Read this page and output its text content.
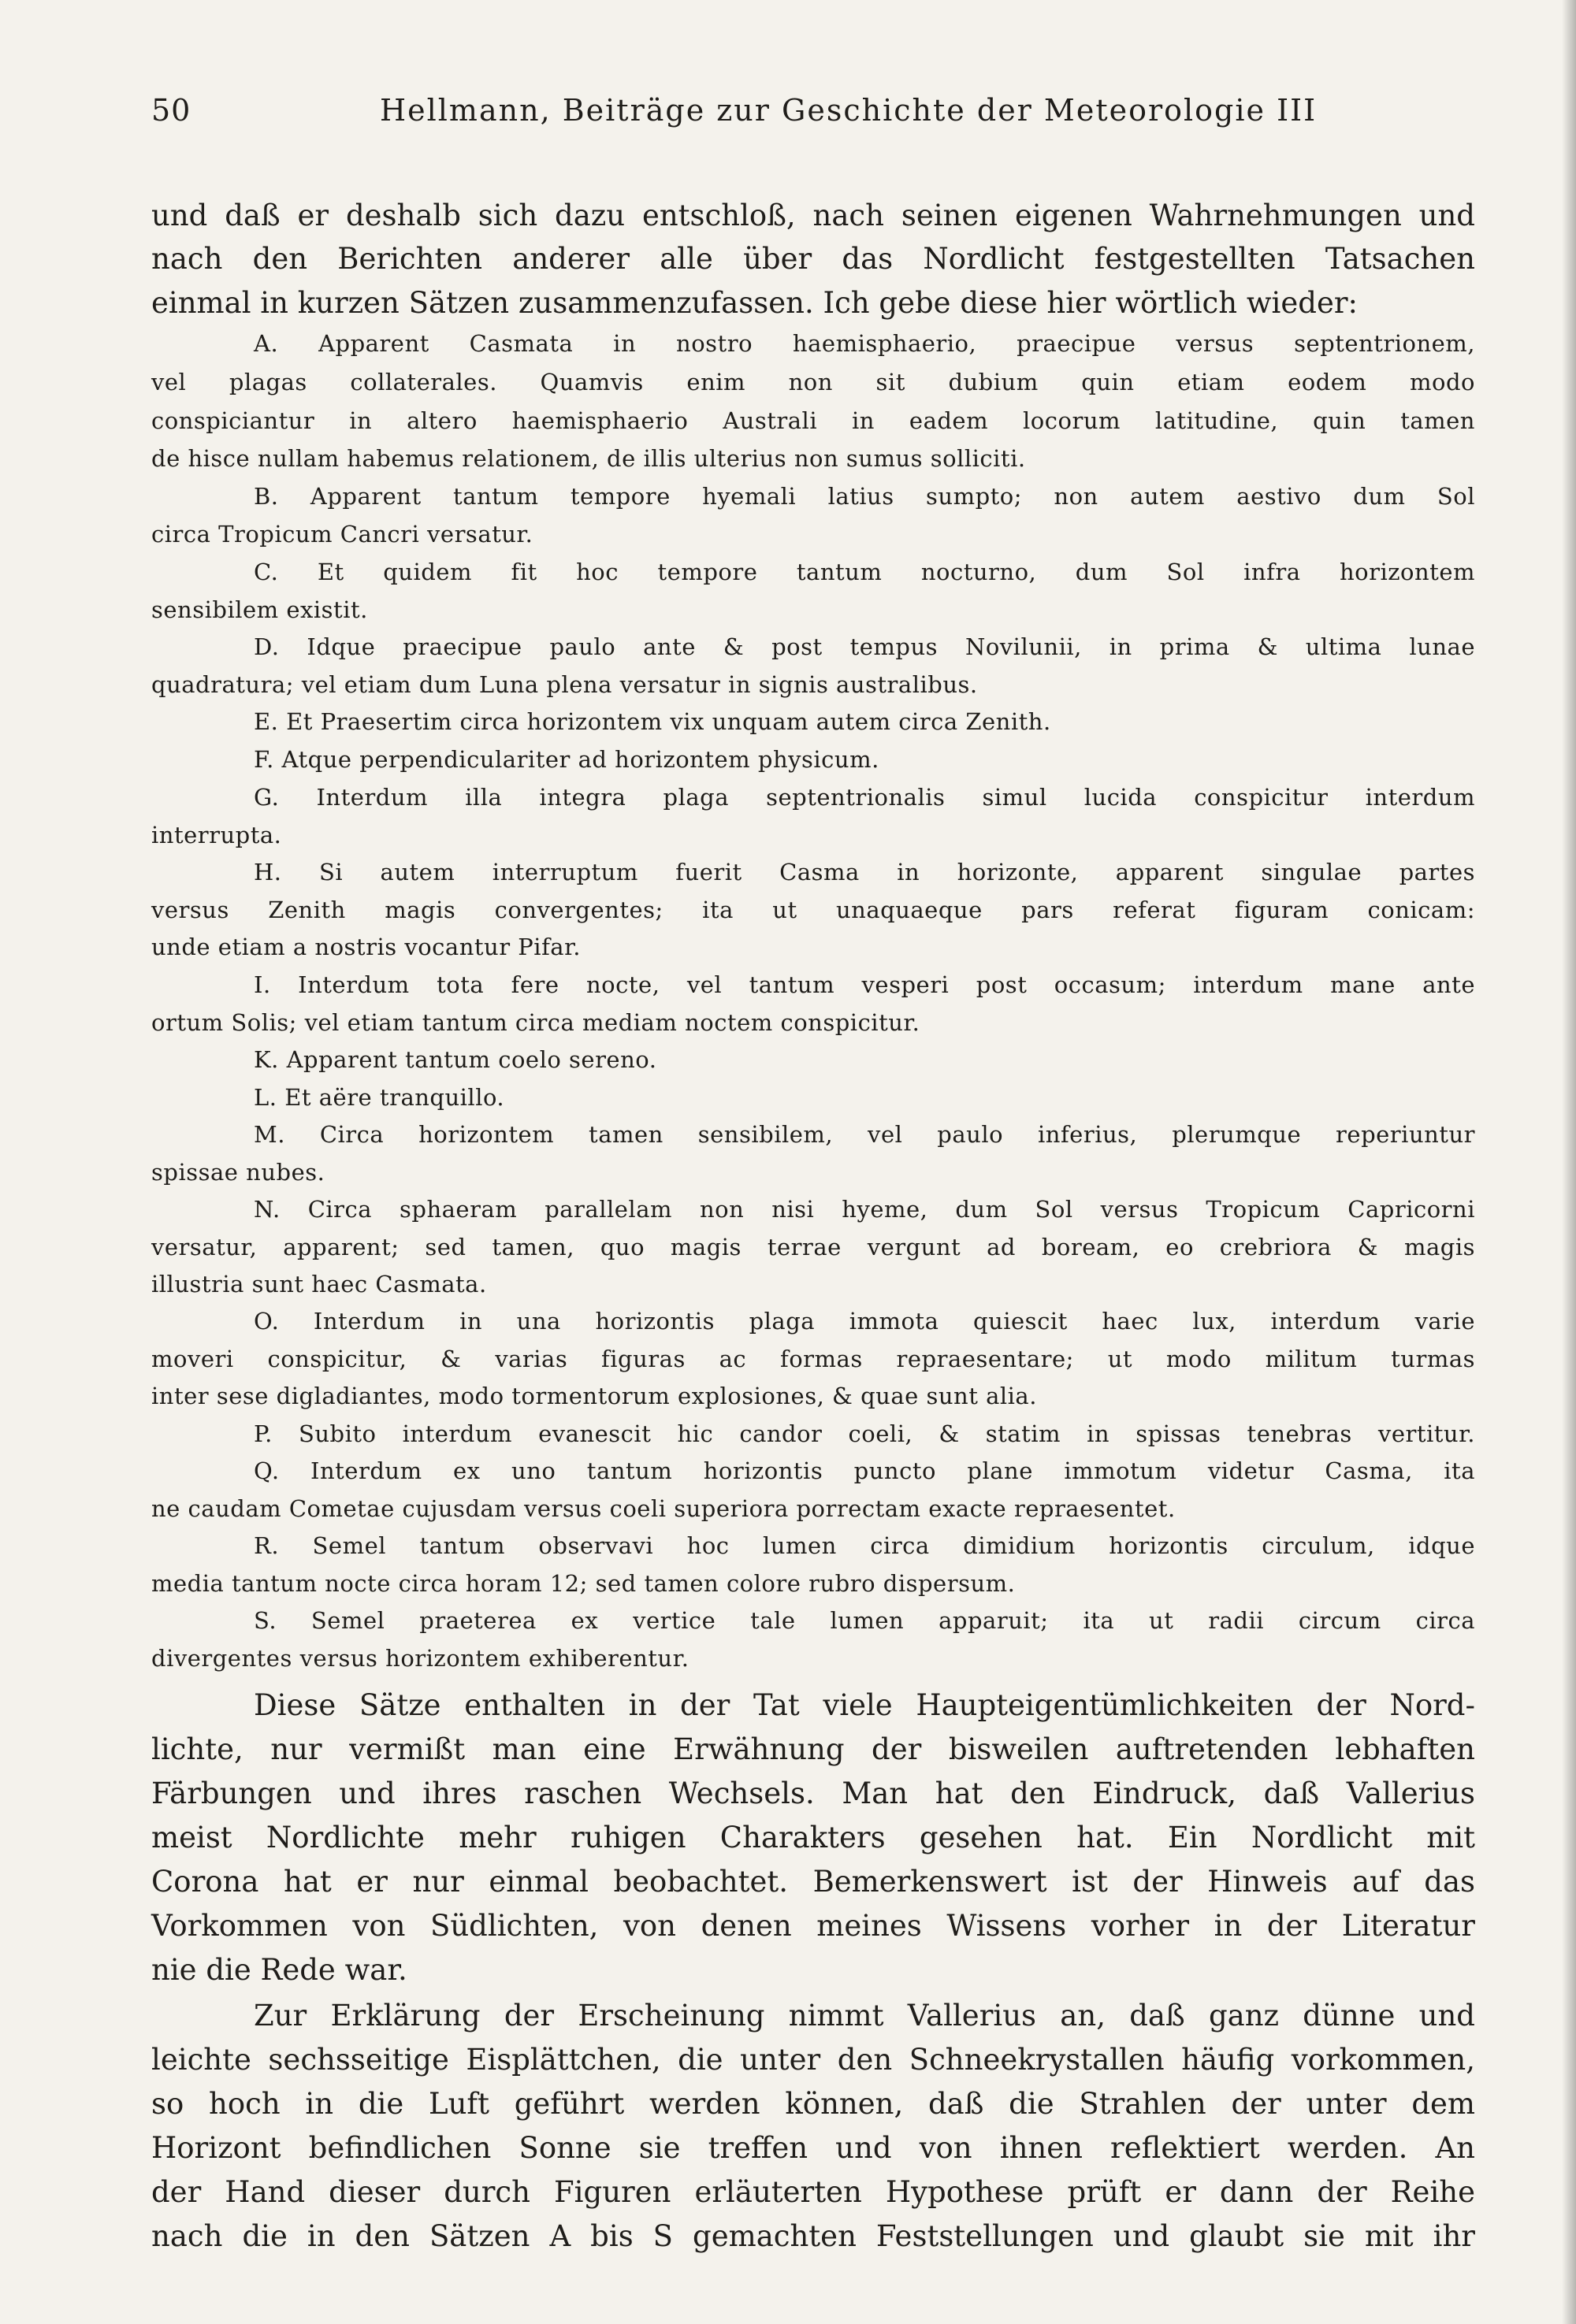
50	Hellmann, Beiträge zur Geschichte der Meteorologie III
und daß er deshalb sich dazu entschloß, nach seinen eigenen Wahrnehmungen und
nach den Berichten anderer alle über das Nordlicht festgestellten Tatsachen
einmal in kurzen Sätzen zusammenzufassen. Ich gebe diese hier wörtlich wieder:
A. Apparent Casmata in nostro haemisphaerio, praecipue versus septentrionem,
vel plagas collaterales. Quamvis enim non sit dubium quin etiam eodem modo
conspiciantur in altero haemisphaerio Australi in eadem locorum latitudine, quin tamen
de hisce nullam habemus relationem, de illis ulterius non sumus solliciti.
B. Apparent tantum tempore hyemali latius sumpto; non autem aestivo dum Sol
circa Tropicum Cancri versatur.
C. Et quidem fit hoc tempore tantum nocturno, dum Sol infra horizontem
sensibilem existit.
D. Idque praecipue paulo ante & post tempus Novilunii, in prima & ultima lunae
quadratura; vel etiam dum Luna plena versatur in signis australibus.
E. Et Praesertim circa horizontem vix unquam autem circa Zenith.
F. Atque perpendiculariter ad horizontem physicum.
G. Interdum illa integra plaga septentrionalis simul lucida conspicitur interdum
interrupta.
H. Si autem interruptum fuerit Casma in horizonte, apparent singulae partes
versus Zenith magis convergentes; ita ut unaquaeque pars referat figuram conicam:
unde etiam a nostris vocantur Pifar.
I. Interdum tota fere nocte, vel tantum vesperi post occasum; interdum mane ante
ortum Solis; vel etiam tantum circa mediam noctem conspicitur.
K. Apparent tantum coelo sereno.
L. Et aëre tranquillo.
M. Circa horizontem tamen sensibilem, vel paulo inferius, plerumque reperiuntur
spissae nubes.
N. Circa sphaeram parallelam non nisi hyeme, dum Sol versus Tropicum Capricorni
versatur, apparent; sed tamen, quo magis terrae vergunt ad boream, eo crebriora & magis
illustria sunt haec Casmata.
O. Interdum in una horizontis plaga immota quiescit haec lux, interdum varie
moveri conspicitur, & varias figuras ac formas repraesentare; ut modo militum turmas
inter sese digladiantes, modo tormentorum explosiones, & quae sunt alia.
P. Subito interdum evanescit hic candor coeli, & statim in spissas tenebras vertitur.
Q. Interdum ex uno tantum horizontis puncto plane immotum videtur Casma, ita
ne caudam Cometae cujusdam versus coeli superiora porrectam exacte repraesentet.
R. Semel tantum observavi hoc lumen circa dimidium horizontis circulum, idque
media tantum nocte circa horam 12; sed tamen colore rubro dispersum.
S. Semel praeterea ex vertice tale lumen apparuit; ita ut radii circum circa
divergentes versus horizontem exhiberentur.
Diese Sätze enthalten in der Tat viele Haupteigentümlichkeiten der Nord-
lichte, nur vermißt man eine Erwähnung der bisweilen auftretenden lebhaften
Färbungen und ihres raschen Wechsels. Man hat den Eindruck, daß Vallerius
meist Nordlichte mehr ruhigen Charakters gesehen hat. Ein Nordlicht mit
Corona hat er nur einmal beobachtet. Bemerkenswert ist der Hinweis auf das
Vorkommen von Südlichten, von denen meines Wissens vorher in der Literatur
nie die Rede war.
Zur Erklärung der Erscheinung nimmt Vallerius an, daß ganz dünne und
leichte sechsseitige Eisplättchen, die unter den Schneekrystallen häufig vorkommen,
so hoch in die Luft geführt werden können, daß die Strahlen der unter dem
Horizont befindlichen Sonne sie treffen und von ihnen reflektiert werden. An
der Hand dieser durch Figuren erläuterten Hypothese prüft er dann der Reihe
nach die in den Sätzen A bis S gemachten Feststellungen und glaubt sie mit ihr
